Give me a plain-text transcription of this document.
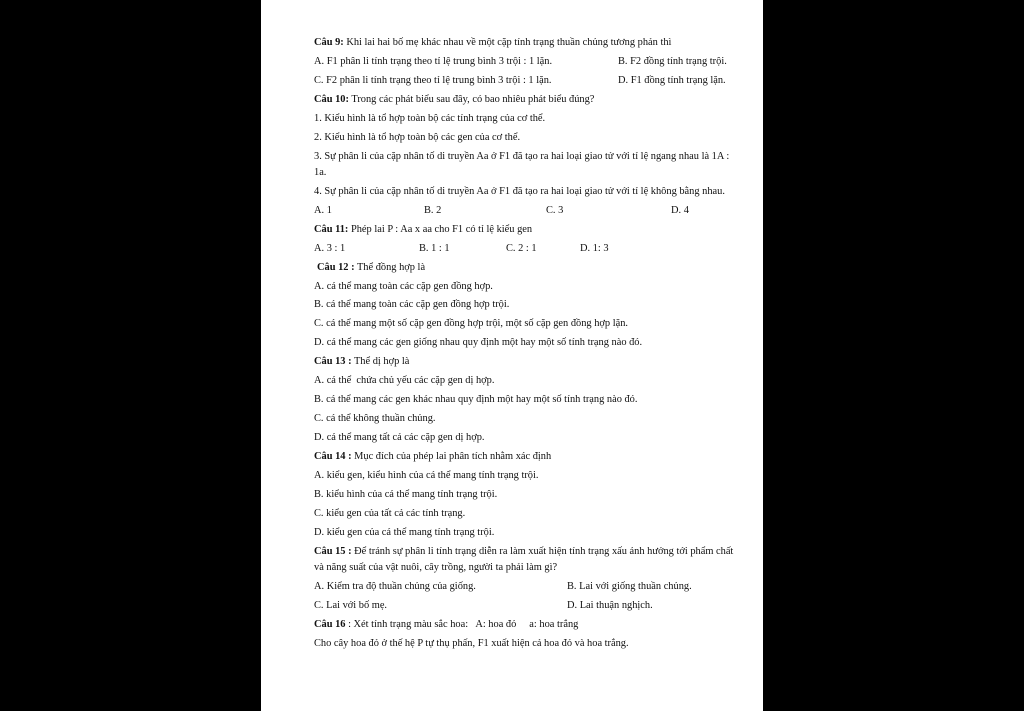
Câu 9: Khi lai hai bố mẹ khác nhau về một cặp tính trạng thuần chủng tương phản thì
A. F1 phân li tính trạng theo tỉ lệ trung bình 3 trội : 1 lặn.	B. F2 đồng tính trạng trội.
C. F2 phân li tính trạng theo tỉ lệ trung bình 3 trội : 1 lặn.	D. F1 đồng tính trạng lặn.
Câu 10: Trong các phát biểu sau đây, có bao nhiêu phát biểu đúng?
1. Kiểu hình là tổ hợp toàn bộ các tính trạng của cơ thể.
2. Kiểu hình là tổ hợp toàn bộ các gen của cơ thể.
3. Sự phân li của cặp nhân tố di truyền Aa ở F1 đã tạo ra hai loại giao tử với tỉ lệ ngang nhau là 1A : 1a.
4. Sự phân li của cặp nhân tố di truyền Aa ở F1 đã tạo ra hai loại giao tử với tỉ lệ không bằng nhau.
A. 1	B. 2	C. 3	D. 4
Câu 11: Phép lai P : Aa x aa cho F1 có tỉ lệ kiểu gen
A. 3 : 1	B. 1 : 1	C. 2 : 1	D. 1: 3
Câu 12 : Thể đồng hợp là
A. cá thể mang toàn các cặp gen đồng hợp.
B. cá thể mang toàn các cặp gen đồng hợp trội.
C. cá thể mang một số cặp gen đồng hợp trội, một số cặp gen đồng hợp lặn.
D. cá thể mang các gen giống nhau quy định một hay một số tính trạng nào đó.
Câu 13 : Thể dị hợp là
A. cá thể  chứa chủ yếu các cặp gen dị hợp.
B. cá thể mang các gen khác nhau quy định một hay một số tính trạng nào đó.
C. cá thể không thuần chủng.
D. cá thể mang tất cả các cặp gen dị hợp.
Câu 14 : Mục đích của phép lai phân tích nhằm xác định
A. kiểu gen, kiểu hình của cá thể mang tính trạng trội.
B. kiểu hình của cá thể mang tính trạng trội.
C. kiểu gen của tất cả các tính trạng.
D. kiểu gen của cá thể mang tính trạng trội.
Câu 15 : Để tránh sự phân li tính trạng diễn ra làm xuất hiện tính trạng xấu ảnh hưởng tới phẩm chất và năng suất của vật nuôi, cây trồng, người ta phải làm gì?
A. Kiểm tra độ thuần chủng của giống.	B. Lai với giống thuần chủng.
C. Lai với bố mẹ.	D. Lai thuận nghịch.
Câu 16 : Xét tính trạng màu sắc hoa:   A: hoa đỏ     a: hoa trắng
Cho cây hoa đỏ ở thế hệ P tự thụ phấn, F1 xuất hiện cả hoa đỏ và hoa trắng.
